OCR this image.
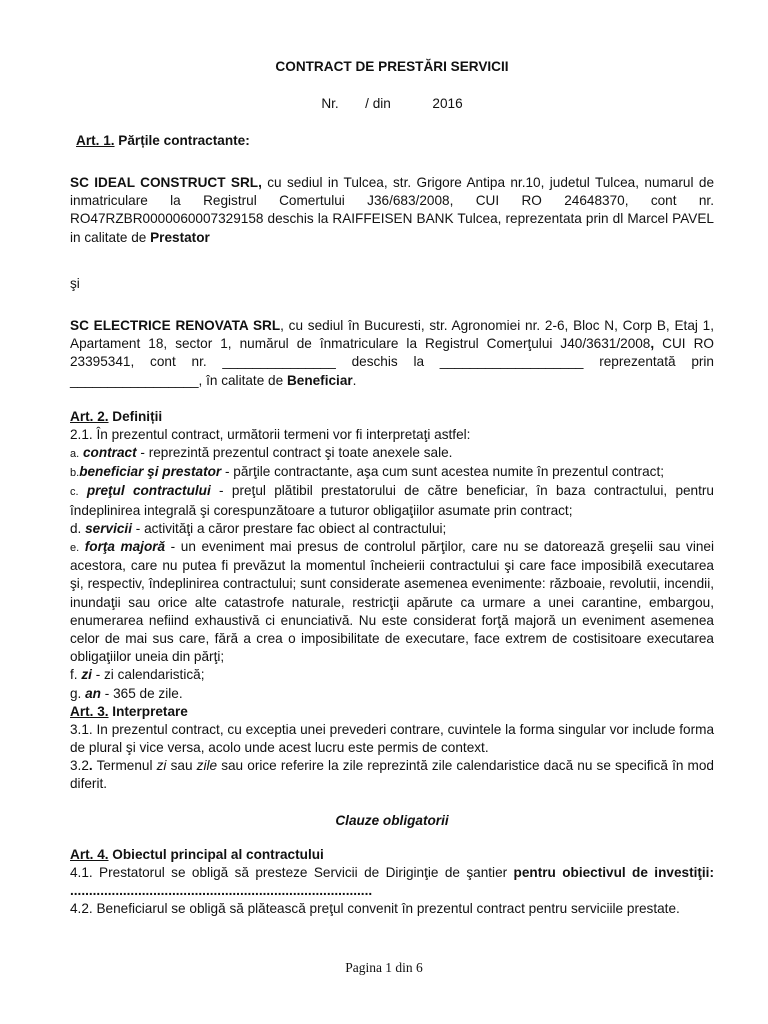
CONTRACT DE PRESTĂRI SERVICII
Nr.       / din           2016
Art. 1. Părțile contractante:
SC IDEAL CONSTRUCT SRL, cu sediul in Tulcea, str. Grigore Antipa nr.10, judetul Tulcea, numarul de inmatriculare la Registrul Comertului J36/683/2008, CUI RO 24648370, cont nr. RO47RZBR0000060007329158 deschis la RAIFFEISEN BANK Tulcea, reprezentata prin dl Marcel PAVEL in calitate de Prestator
şi
SC ELECTRICE RENOVATA SRL, cu sediul în Bucuresti, str. Agronomiei nr. 2-6, Bloc N, Corp B, Etaj 1, Apartament 18, sector 1, numărul de înmatriculare la Registrul Comerţului J40/3631/2008, CUI RO 23395341, cont nr. _______________ deschis la ___________________ reprezentată prin _________________, în calitate de Beneficiar.
Art. 2. Definiții
2.1. În prezentul contract, următorii termeni vor fi interpretaţi astfel:
a. contract - reprezintă prezentul contract şi toate anexele sale.
b.beneficiar şi prestator - părţile contractante, aşa cum sunt acestea numite în prezentul contract;
c. preţul contractului - preţul plătibil prestatorului de către beneficiar, în baza contractului, pentru îndeplinirea integrală şi corespunzătoare a tuturor obligaţiilor asumate prin contract;
d. servicii - activităţi a căror prestare fac obiect al contractului;
e. forţa majoră - un eveniment mai presus de controlul părţilor, care nu se datorează greşelii sau vinei acestora, care nu putea fi prevăzut la momentul încheierii contractului şi care face imposibilă executarea şi, respectiv, îndeplinirea contractului; sunt considerate asemenea evenimente: războaie, revolutii, incendii, inundaţii sau orice alte catastrofe naturale, restricţii apărute ca urmare a unei carantine, embargou, enumerarea nefiind exhaustivă ci enunciativă. Nu este considerat forţă majoră un eveniment asemenea celor de mai sus care, fără a crea o imposibilitate de executare, face extrem de costisitoare executarea obligaţiilor uneia din părţi;
f. zi - zi calendaristică;
g. an - 365 de zile.
Art. 3. Interpretare
3.1. In prezentul contract, cu exceptia unei prevederi contrare, cuvintele la forma singular vor include forma de plural şi vice versa, acolo unde acest lucru este permis de context.
3.2. Termenul zi sau zile sau orice referire la zile reprezintă zile calendaristice dacă nu se specifică în mod diferit.
Clauze obligatorii
Art. 4. Obiectul principal al contractului
4.1. Prestatorul se obligă să presteze Servicii de Diriginţie de şantier pentru obiectivul de investiţii: ................................................................................
4.2. Beneficiarul se obligă să plătească preţul convenit în prezentul contract pentru serviciile prestate.
Pagina 1 din 6
